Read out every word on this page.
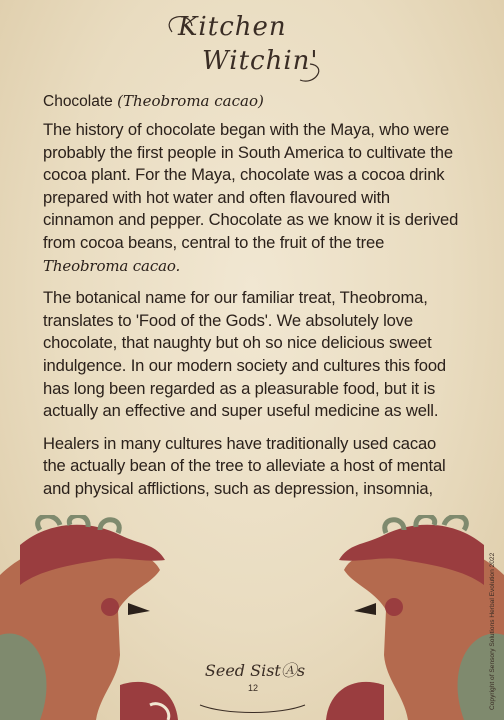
Kitchen
Witchin'
Chocolate (Theobroma cacao)

The history of chocolate began with the Maya, who were probably the first people in South America to cultivate the cocoa plant. For the Maya, chocolate was a cocoa drink prepared with hot water and often flavoured with cinnamon and pepper. Chocolate as we know it is derived from cocoa beans, central to the fruit of the tree Theobroma cacao.

The botanical name for our familiar treat, Theobroma, translates to 'Food of the Gods'. We absolutely love chocolate, that naughty but oh so nice delicious sweet indulgence. In our modern society and cultures this food has long been regarded as a pleasurable food, but it is actually an effective and super useful medicine as well.

Healers in many cultures have traditionally used cacao the actually bean of the tree to alleviate a host of mental and physical afflictions, such as depression, insomnia,

Seed SistⒶs
12	Copyright of Sensory Solutions Herbal Evolution 2022
